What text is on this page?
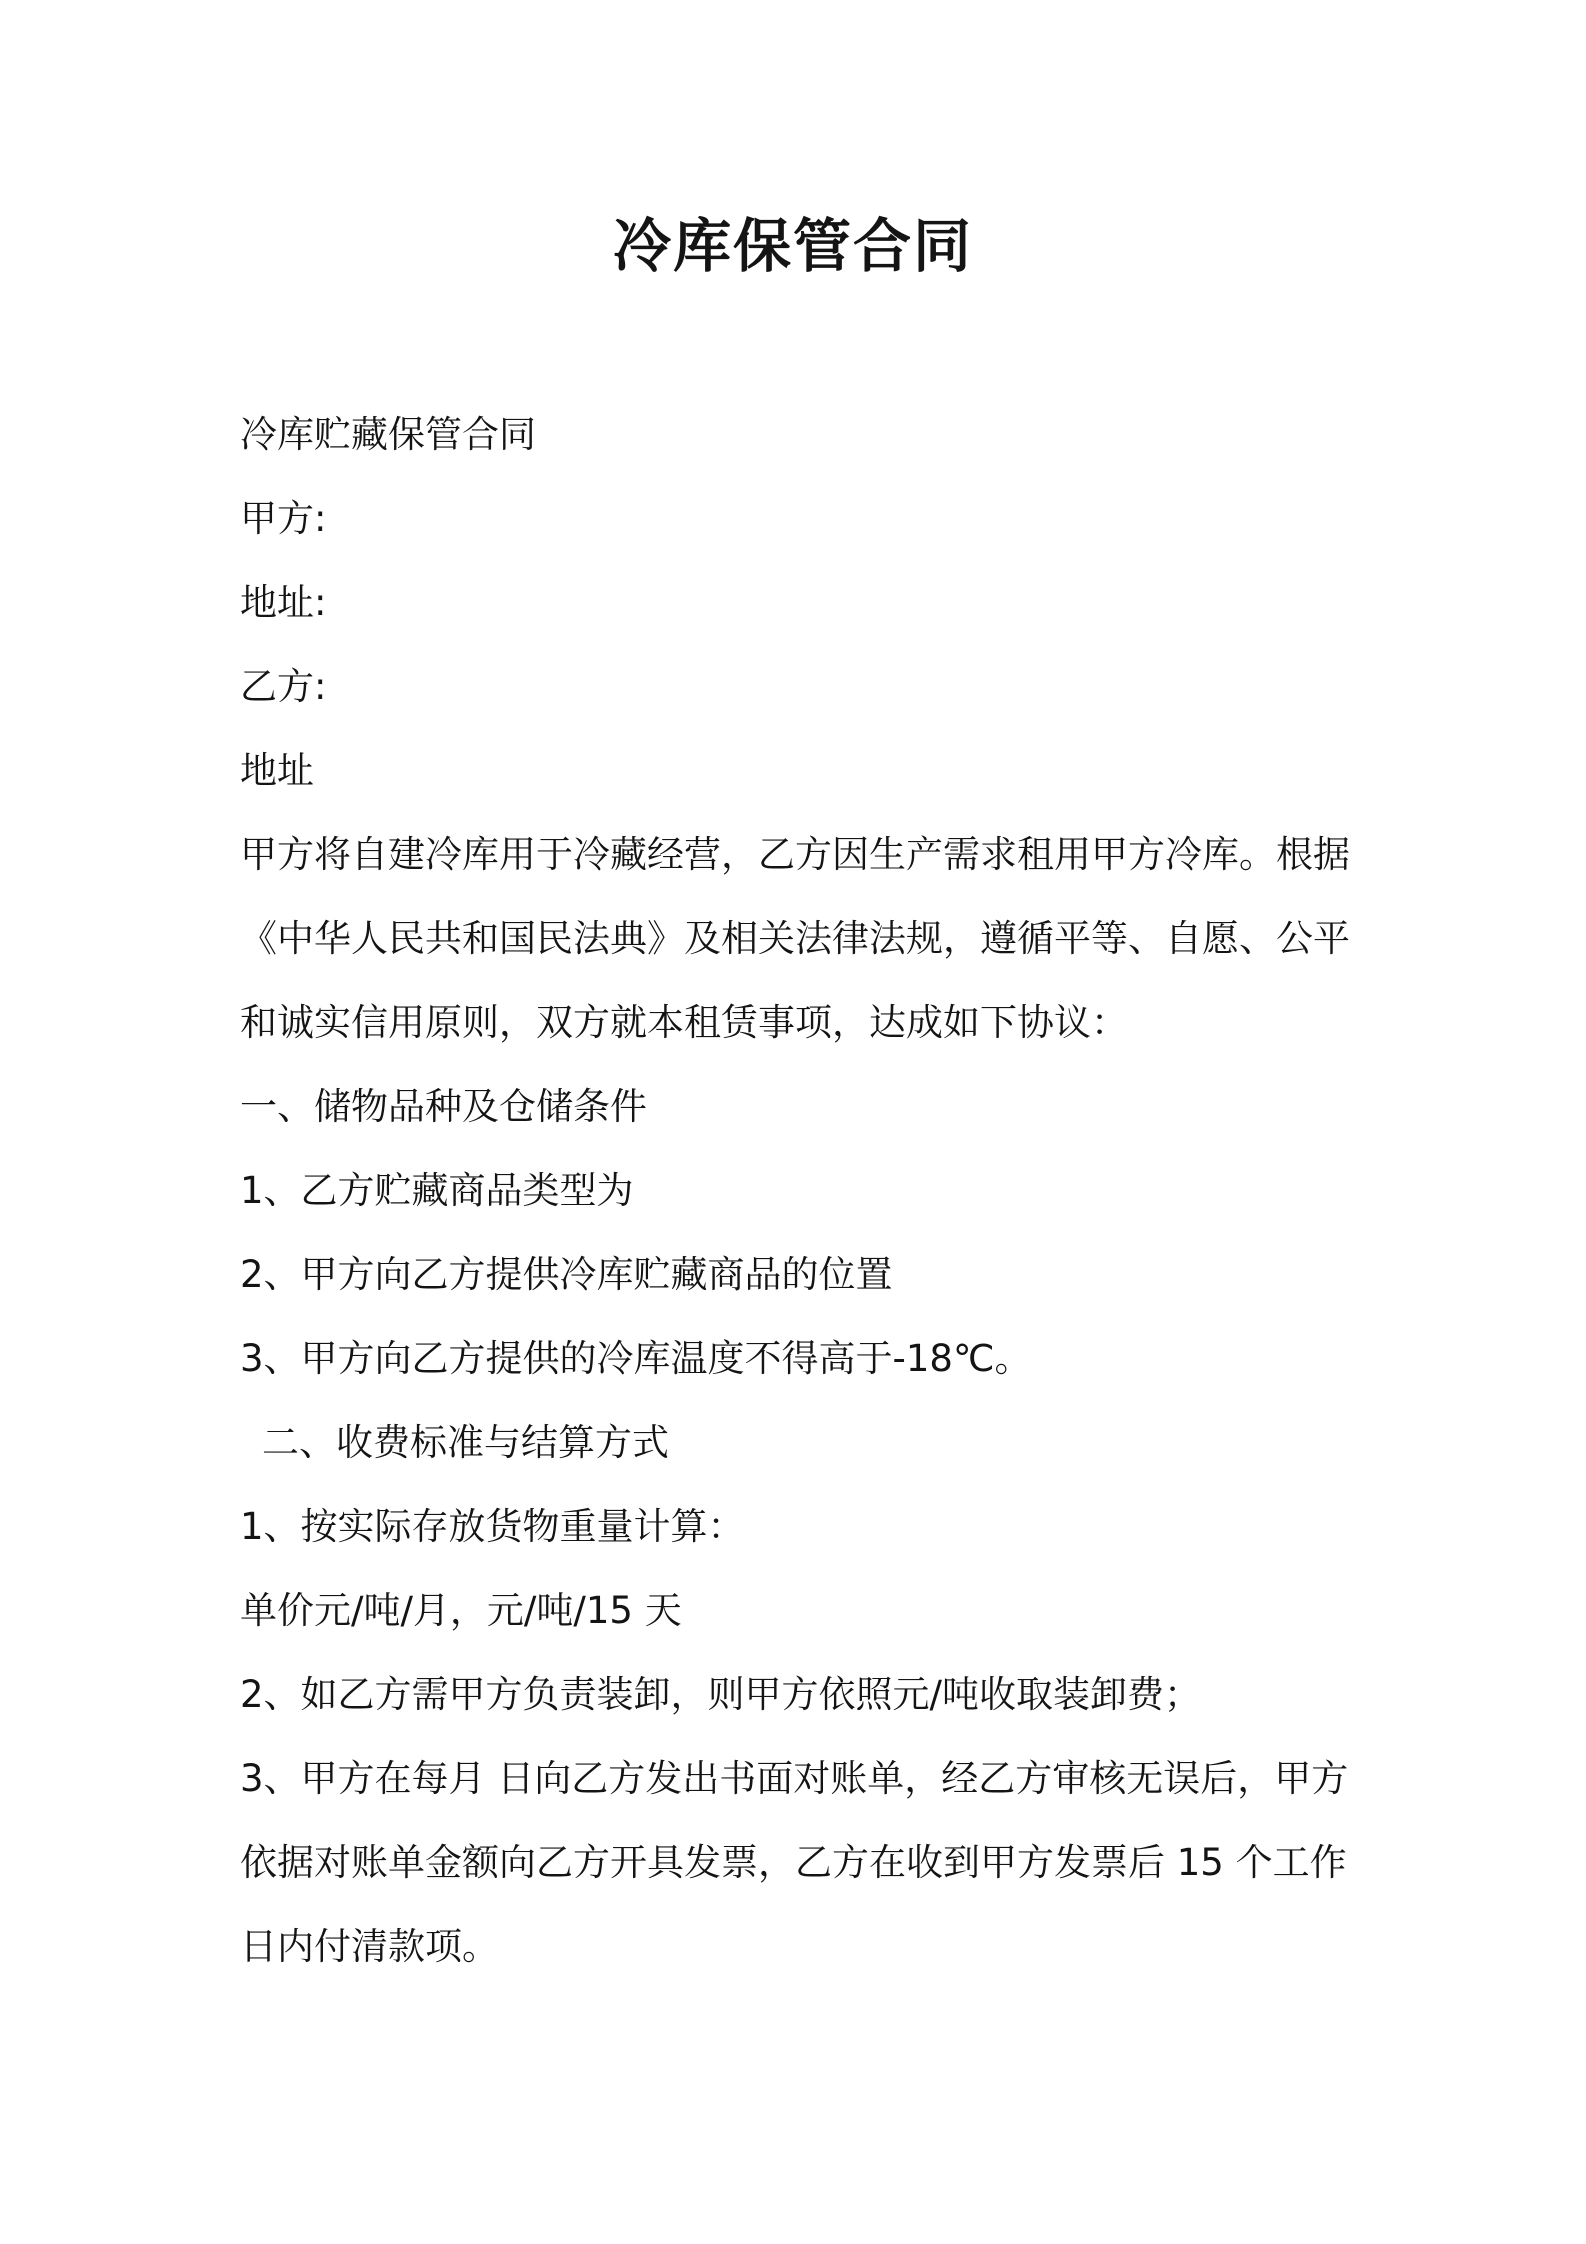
冷库保管合同

冷库贮藏保管合同

甲方:

地址:

乙方:

地址

甲方将自建冷库用于冷藏经营，乙方因生产需求租用甲方冷库。根据

《中华人民共和国民法典》及相关法律法规，遵循平等、自愿、公平

和诚实信用原则，双方就本租赁事项，达成如下协议：

一、储物品种及仓储条件

1、乙方贮藏商品类型为

2、甲方向乙方提供冷库贮藏商品的位置

3、甲方向乙方提供的冷库温度不得高于-18℃。

二、收费标准与结算方式

1、按实际存放货物重量计算：

单价元/吨/月，元/吨/15 天

2、如乙方需甲方负责装卸，则甲方依照元/吨收取装卸费；

3、甲方在每月 日向乙方发出书面对账单，经乙方审核无误后，甲方

依据对账单金额向乙方开具发票，乙方在收到甲方发票后 15 个工作

日内付清款项。
